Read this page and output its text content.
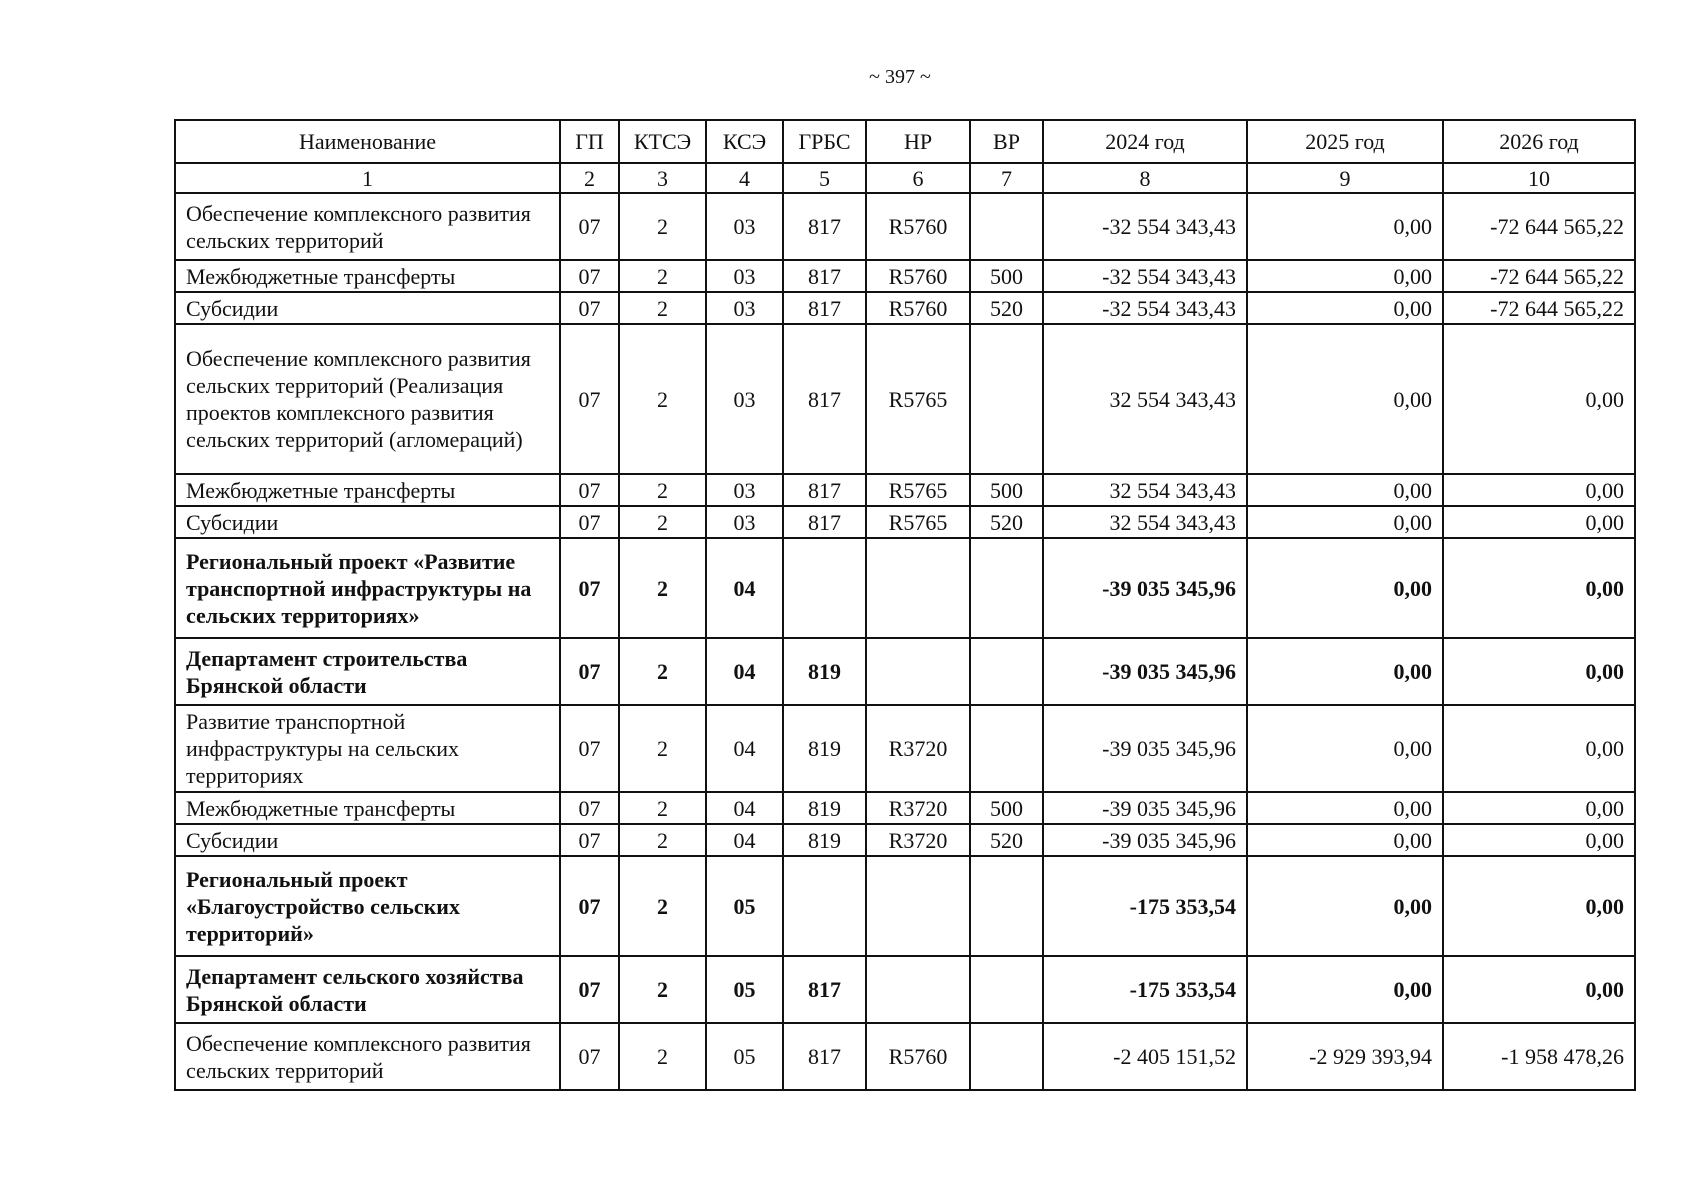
~ 397 ~
Наименование	ГП	КТСЭ	КСЭ	ГРБС	НР	ВР	2024 год	2025 год	2026 год
1	2	3	4	5	6	7	8	9	10
Обеспечение комплексного развития сельских территорий	07	2	03	817	R5760		-32 554 343,43	0,00	-72 644 565,22
Межбюджетные трансферты	07	2	03	817	R5760	500	-32 554 343,43	0,00	-72 644 565,22
Субсидии	07	2	03	817	R5760	520	-32 554 343,43	0,00	-72 644 565,22
Обеспечение комплексного развития сельских территорий (Реализация проектов комплексного развития сельских территорий (агломераций)	07	2	03	817	R5765		32 554 343,43	0,00	0,00
Межбюджетные трансферты	07	2	03	817	R5765	500	32 554 343,43	0,00	0,00
Субсидии	07	2	03	817	R5765	520	32 554 343,43	0,00	0,00
Региональный проект «Развитие транспортной инфраструктуры на сельских территориях»	07	2	04				-39 035 345,96	0,00	0,00
Департамент строительства Брянской области	07	2	04	819			-39 035 345,96	0,00	0,00
Развитие транспортной инфраструктуры на сельских территориях	07	2	04	819	R3720		-39 035 345,96	0,00	0,00
Межбюджетные трансферты	07	2	04	819	R3720	500	-39 035 345,96	0,00	0,00
Субсидии	07	2	04	819	R3720	520	-39 035 345,96	0,00	0,00
Региональный проект «Благоустройство сельских территорий»	07	2	05				-175 353,54	0,00	0,00
Департамент сельского хозяйства Брянской области	07	2	05	817			-175 353,54	0,00	0,00
Обеспечение комплексного развития сельских территорий	07	2	05	817	R5760		-2 405 151,52	-2 929 393,94	-1 958 478,26
